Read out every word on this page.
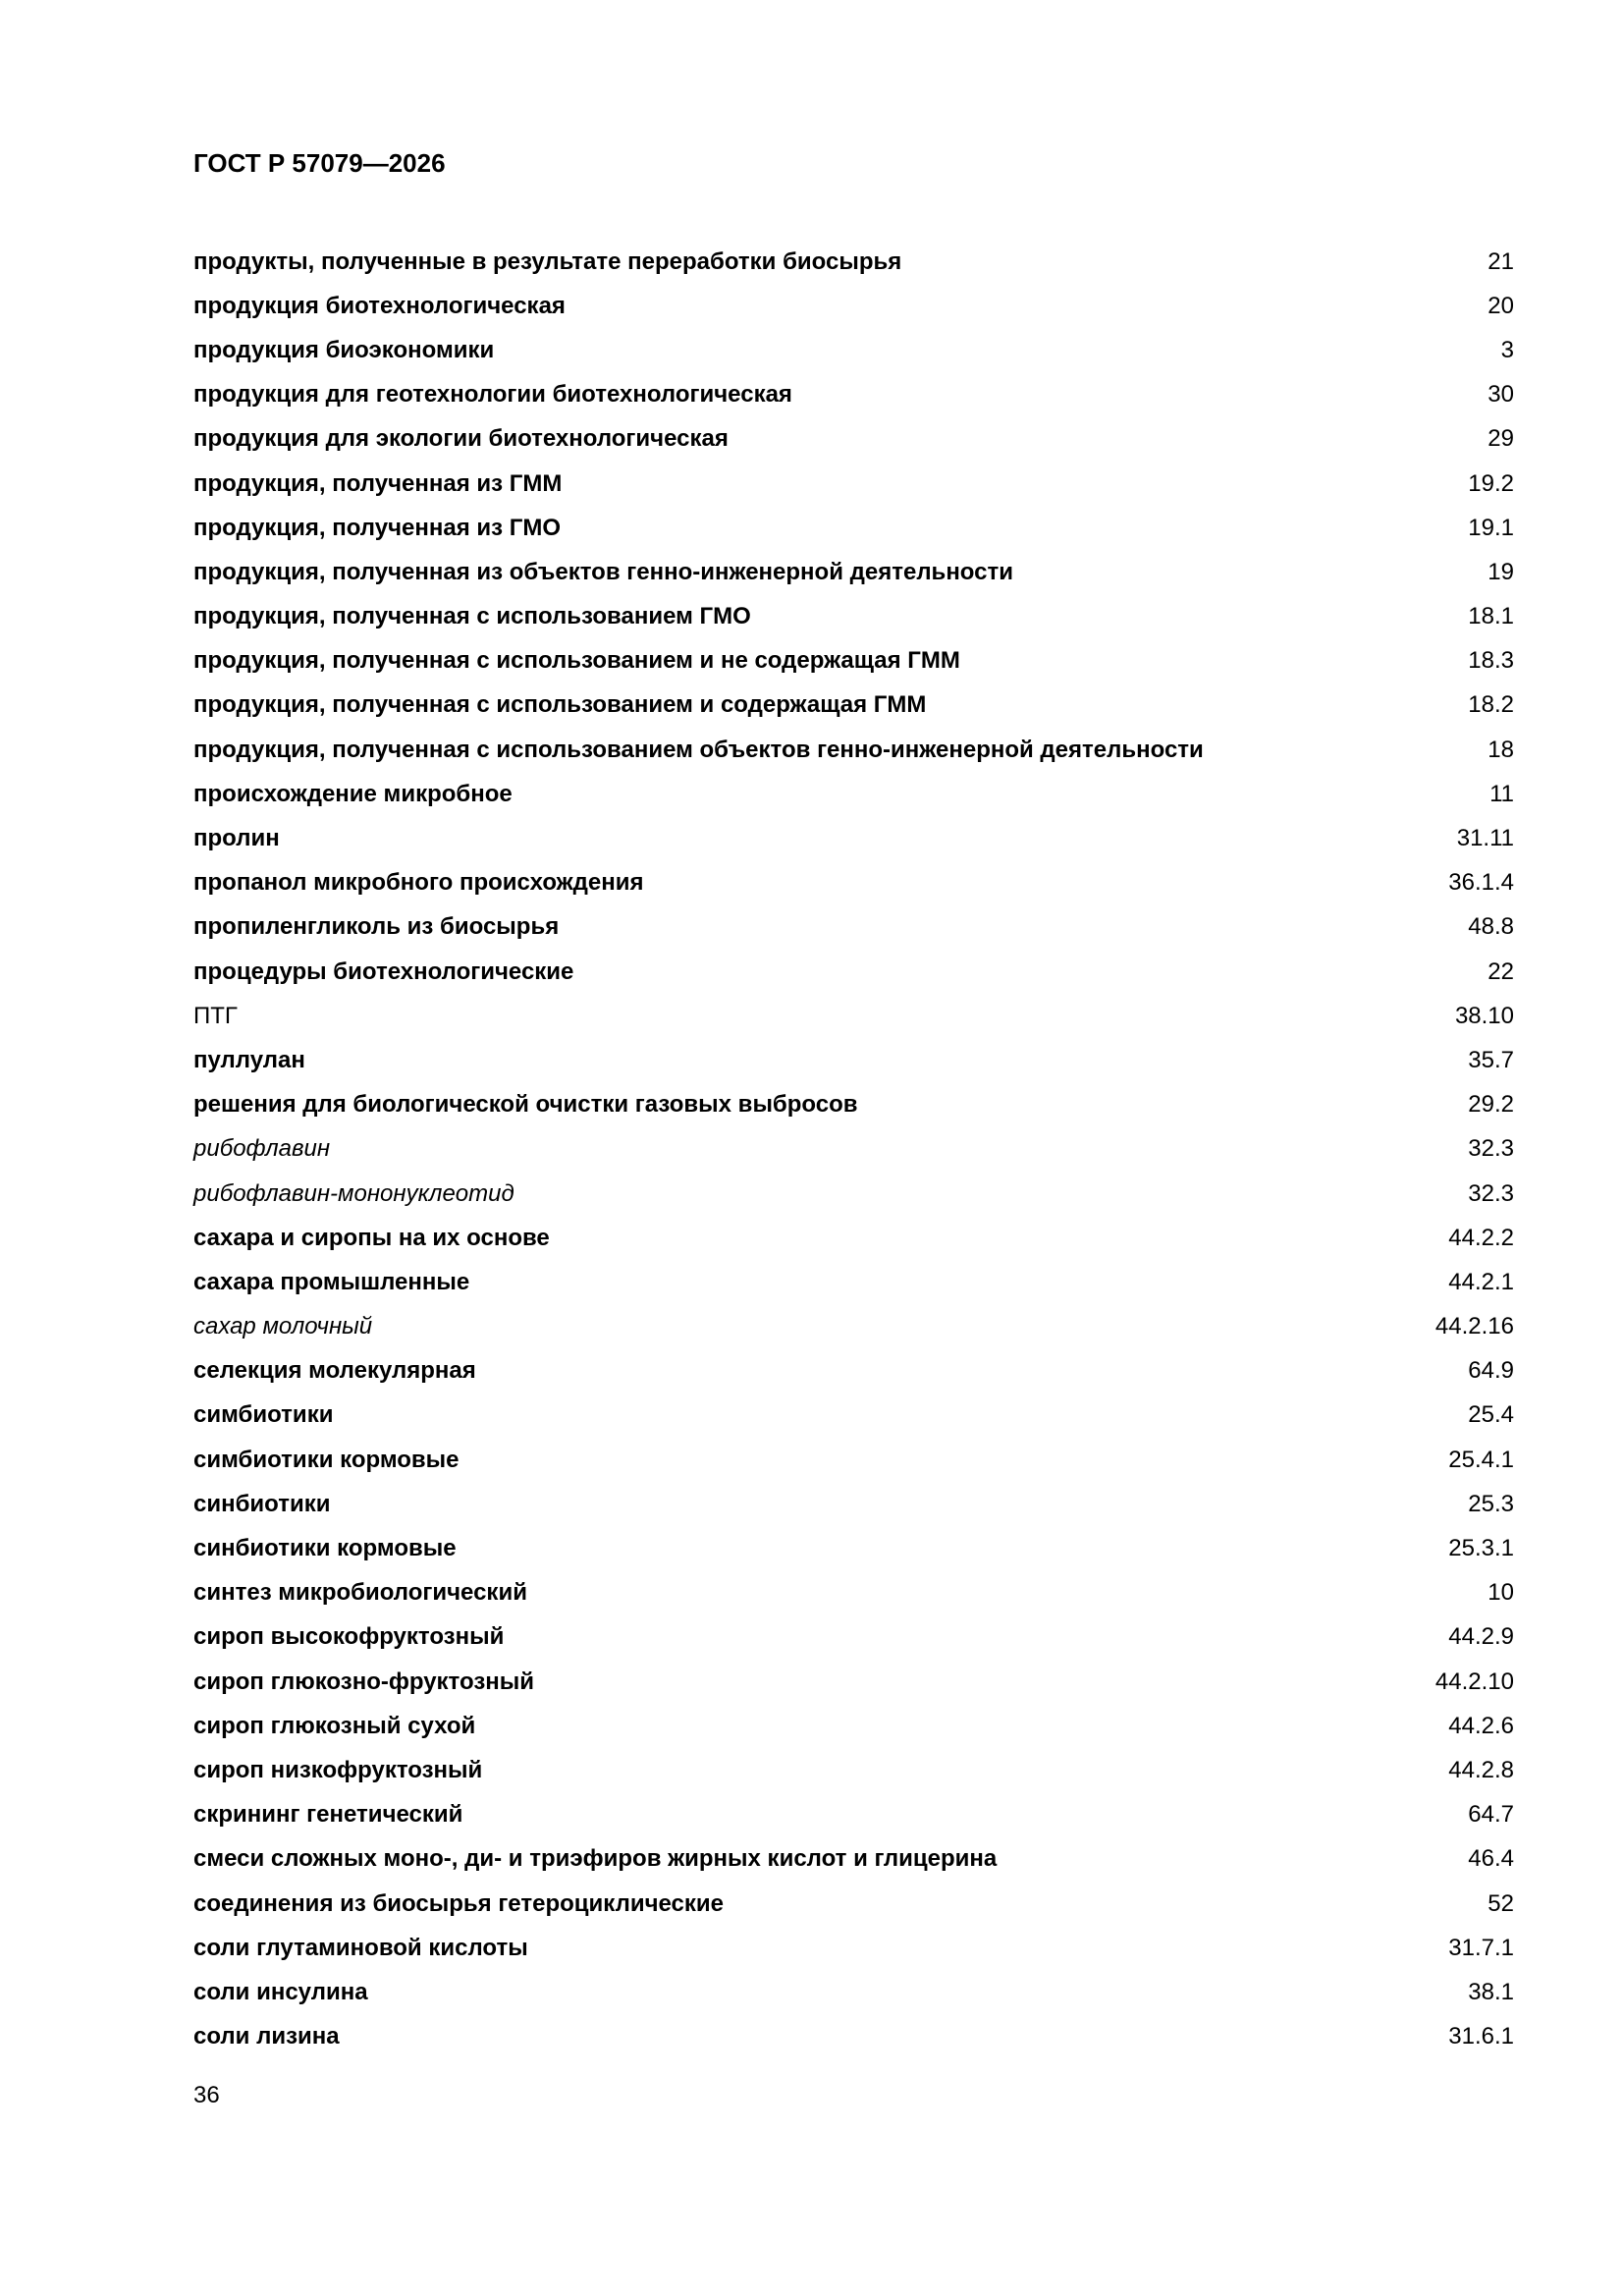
ГОСТ Р 57079—2026
продукты, полученные в результате переработки биосырья	21
продукция биотехнологическая	20
продукция биоэкономики	3
продукция для геотехнологии биотехнологическая	30
продукция для экологии биотехнологическая	29
продукция, полученная из ГММ	19.2
продукция, полученная из ГМО	19.1
продукция, полученная из объектов генно-инженерной деятельности	19
продукция, полученная с использованием ГМО	18.1
продукция, полученная с использованием и не содержащая ГММ	18.3
продукция, полученная с использованием и содержащая ГММ	18.2
продукция, полученная с использованием объектов генно-инженерной деятельности	18
происхождение микробное	11
пролин	31.11
пропанол микробного происхождения	36.1.4
пропиленгликоль из биосырья	48.8
процедуры биотехнологические	22
ПТГ	38.10
пуллулан	35.7
решения для биологической очистки газовых выбросов	29.2
рибофлавин	32.3
рибофлавин-мононуклеотид	32.3
сахара и сиропы на их основе	44.2.2
сахара промышленные	44.2.1
сахар молочный	44.2.16
селекция молекулярная	64.9
симбиотики	25.4
симбиотики кормовые	25.4.1
синбиотики	25.3
синбиотики кормовые	25.3.1
синтез микробиологический	10
сироп высокофруктозный	44.2.9
сироп глюкозно-фруктозный	44.2.10
сироп глюкозный сухой	44.2.6
сироп низкофруктозный	44.2.8
скрининг генетический	64.7
смеси сложных моно-, ди- и триэфиров жирных кислот и глицерина	46.4
соединения из биосырья гетероциклические	52
соли глутаминовой кислоты	31.7.1
соли инсулина	38.1
соли лизина	31.6.1
36
